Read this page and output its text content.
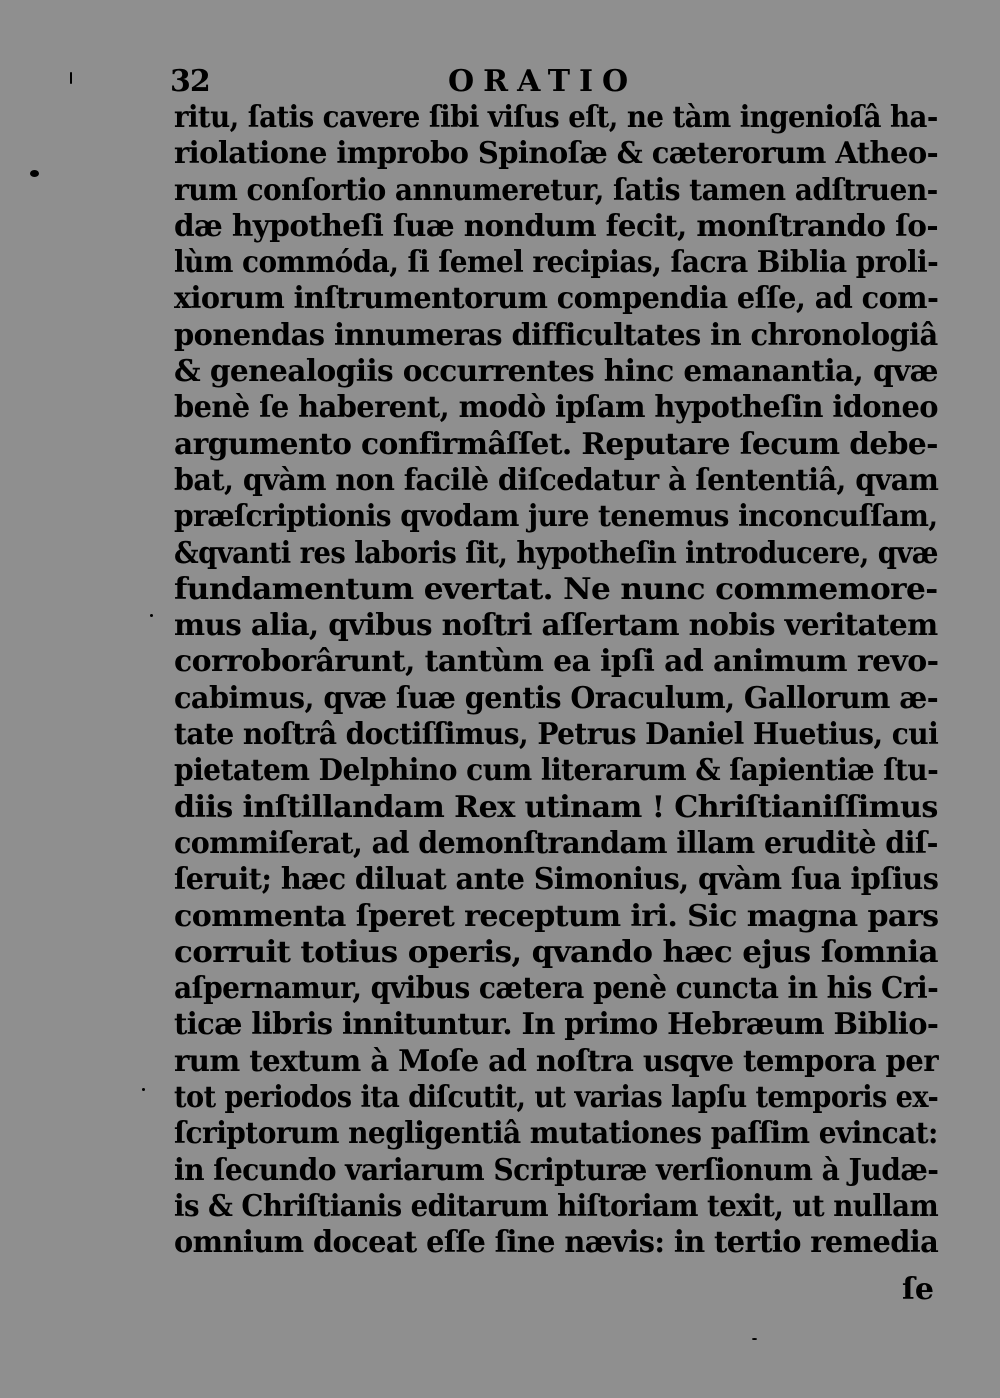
32	ORATIO
ritu, ſatis cavere ſibi viſus eſt, ne tàm ingenioſâ ha-
riolatione improbo Spinoſæ & cæterorum Atheo-
rum conſortio annumeretur, ſatis tamen adſtruen-
dæ hypotheſi ſuæ nondum fecit, monſtrando ſo-
lùm commóda, ſi ſemel recipias, ſacra Biblia proli-
xiorum inſtrumentorum compendia eſſe, ad com-
ponendas innumeras difficultates in chronologiâ
& genealogiis occurrentes hinc emanantia, qvæ
benè ſe haberent, modò ipſam hypotheſin idoneo
argumento confirmâſſet. Reputare ſecum debe-
bat, qvàm non facilè diſcedatur à ſententiâ, qvam
præſcriptionis qvodam jure tenemus inconcuſſam,
&qvanti res laboris ſit, hypotheſin introducere, qvæ
fundamentum evertat. Ne nunc commemore-
mus alia, qvibus noſtri aſſertam nobis veritatem
corroborârunt, tantùm ea ipſi ad animum revo-
cabimus, qvæ ſuæ gentis Oraculum, Gallorum æ-
tate noſtrâ doctiſſimus, Petrus Daniel Huetius, cui
pietatem Delphino cum literarum & ſapientiæ ſtu-
diis inſtillandam Rex utinam ! Chriſtianiſſimus
commiſerat, ad demonſtrandam illam eruditè diſ-
ſeruit; hæc diluat ante Simonius, qvàm ſua ipſius
commenta ſperet receptum iri. Sic magna pars
corruit totius operis, qvando hæc ejus ſomnia
aſpernamur, qvibus cætera penè cuncta in his Cri-
ticæ libris innituntur. In primo Hebræum Biblio-
rum textum à Moſe ad noſtra usqve tempora per
tot periodos ita diſcutit, ut varias lapſu temporis ex-
ſcriptorum negligentiâ mutationes paſſim evincat:
in ſecundo variarum Scripturæ verſionum à Judæ-
is & Chriſtianis editarum hiſtoriam texit, ut nullam
omnium doceat eſſe ſine nævis: in tertio remedia
ſe
